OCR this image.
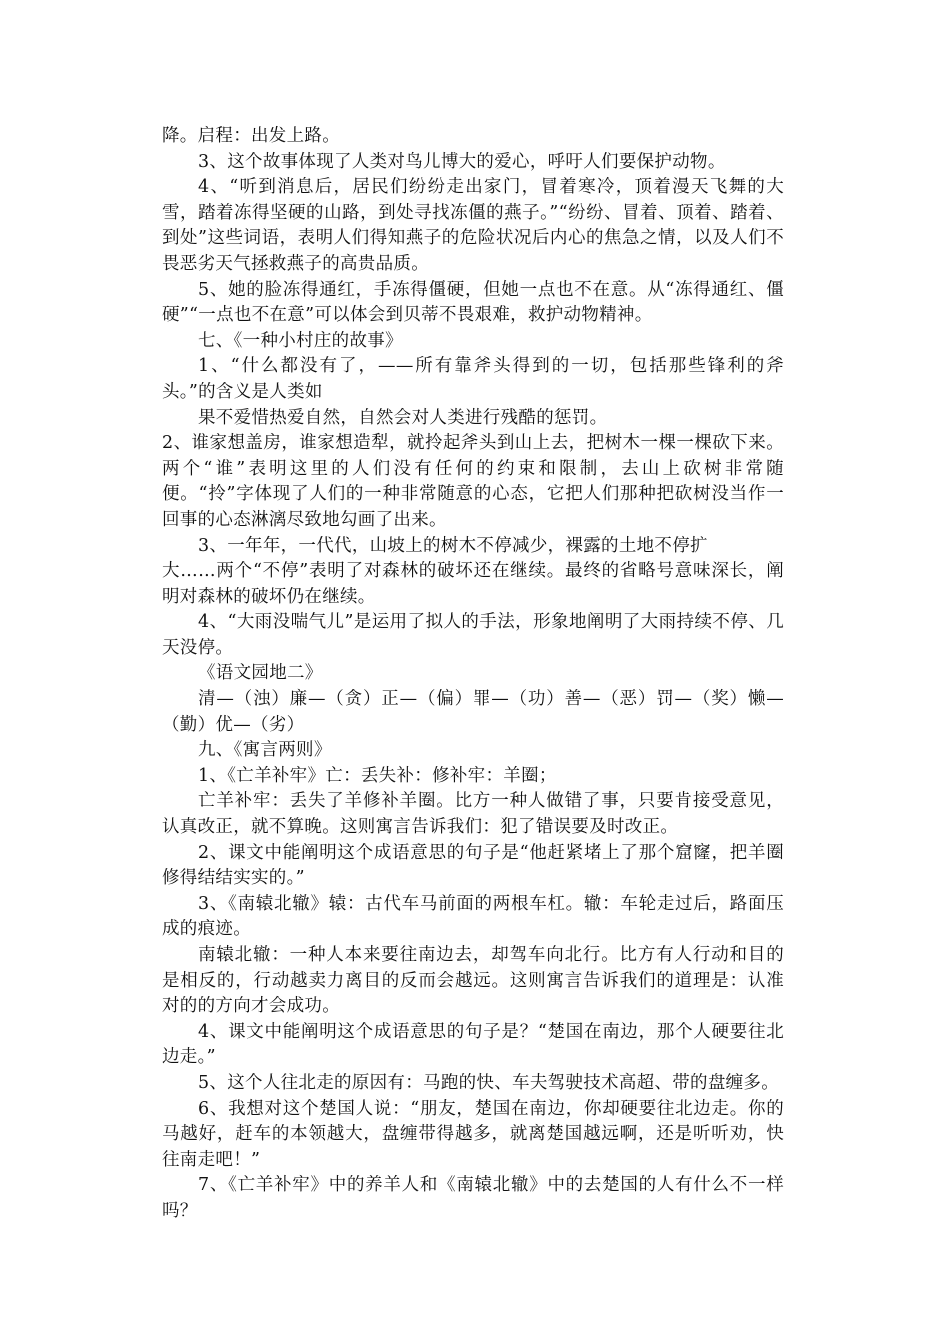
降。启程：出发上路。

3、这个故事体现了人类对鸟儿博大的爱心，呼吁人们要保护动物。

4、“听到消息后，居民们纷纷走出家门，冒着寒冷，顶着漫天飞舞的大雪，踏着冻得坚硬的山路，到处寻找冻僵的燕子。”“纷纷、冒着、顶着、踏着、到处”这些词语，表明人们得知燕子的危险状况后内心的焦急之情，以及人们不畏恶劣天气拯救燕子的高贵品质。

5、她的脸冻得通红，手冻得僵硬，但她一点也不在意。从“冻得通红、僵硬”“一点也不在意”可以体会到贝蒂不畏艰难，救护动物精神。

七、《一种小村庄的故事》

1、“什么都没有了，——所有靠斧头得到的一切，包括那些锋利的斧头。”的含义是人类如

果不爱惜热爱自然，自然会对人类进行残酷的惩罚。

2、谁家想盖房，谁家想造犁，就拎起斧头到山上去，把树木一棵一棵砍下来。两个“谁”表明这里的人们没有任何的约束和限制，去山上砍树非常随便。“拎”字体现了人们的一种非常随意的心态，它把人们那种把砍树没当作一回事的心态淋漓尽致地勾画了出来。

3、一年年，一代代，山坡上的树木不停减少，裸露的土地不停扩

大……两个“不停”表明了对森林的破坏还在继续。最终的省略号意味深长，阐明对森林的破坏仍在继续。

4、“大雨没喘气儿”是运用了拟人的手法，形象地阐明了大雨持续不停、几天没停。

《语文园地二》

清—（浊）廉—（贪）正—（偏）罪—（功）善—（恶）罚—（奖）懒—（勤）优—（劣）

九、《寓言两则》

1、《亡羊补牢》亡：丢失补：修补牢：羊圈；

亡羊补牢：丢失了羊修补羊圈。比方一种人做错了事，只要肯接受意见，认真改正，就不算晚。这则寓言告诉我们：犯了错误要及时改正。

2、课文中能阐明这个成语意思的句子是“他赶紧堵上了那个窟窿，把羊圈修得结结实实的。”

3、《南辕北辙》辕：古代车马前面的两根车杠。辙：车轮走过后，路面压成的痕迹。

南辕北辙：一种人本来要往南边去，却驾车向北行。比方有人行动和目的是相反的，行动越卖力离目的反而会越远。这则寓言告诉我们的道理是：认准对的的方向才会成功。

4、课文中能阐明这个成语意思的句子是？“楚国在南边，那个人硬要往北边走。”

5、这个人往北走的原因有：马跑的快、车夫驾驶技术高超、带的盘缠多。

6、我想对这个楚国人说：“朋友，楚国在南边，你却硬要往北边走。你的马越好，赶车的本领越大，盘缠带得越多，就离楚国越远啊，还是听听劝，快往南走吧！”

7、《亡羊补牢》中的养羊人和《南辕北辙》中的去楚国的人有什么不一样吗？
